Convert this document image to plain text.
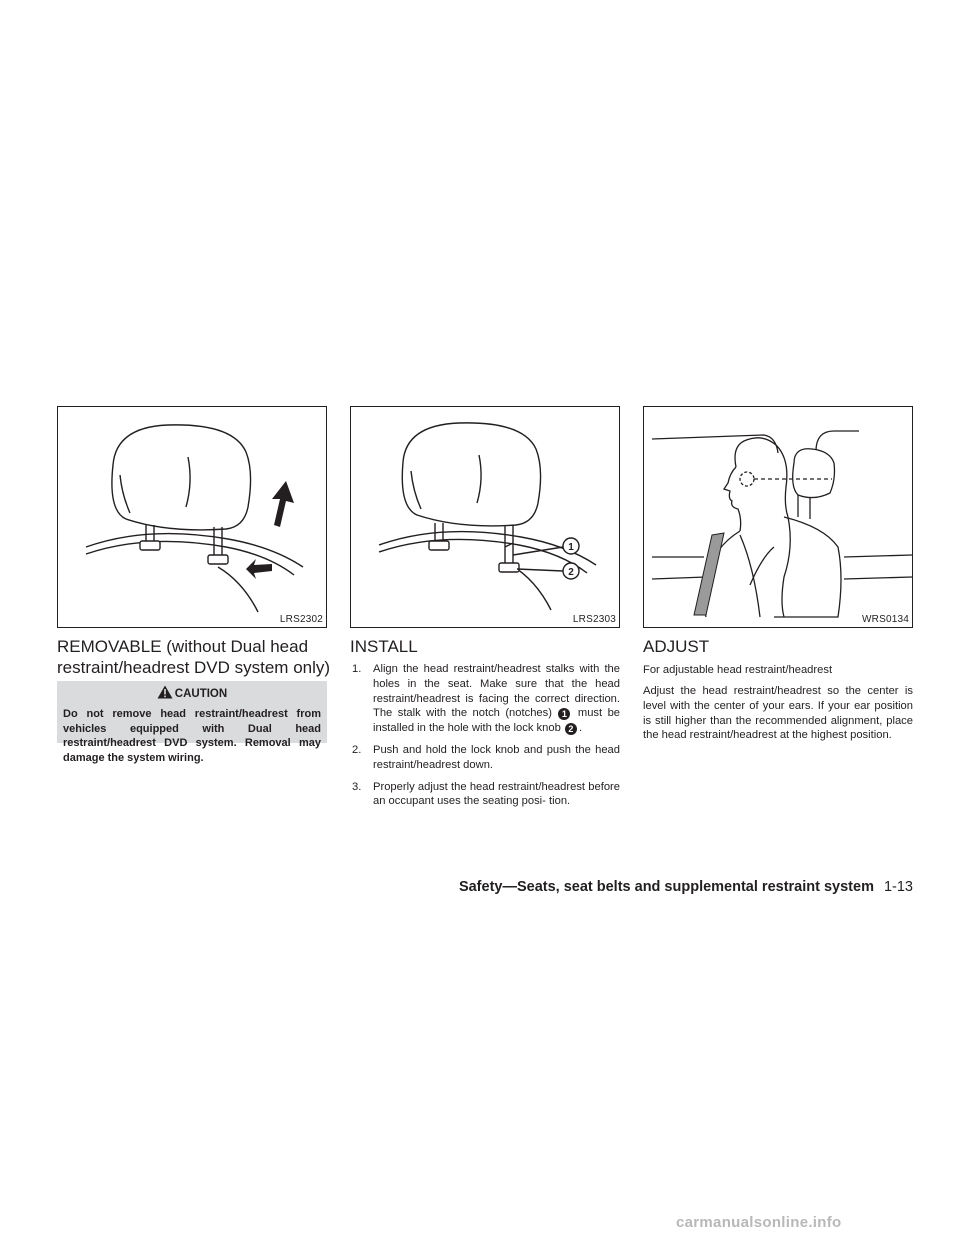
LRS2302
1
2
LRS2303	WRS0134
REMOVABLE (without Dual head restraint/headrest DVD system only)
CAUTION
Do not remove head restraint/headrest from vehicles equipped with Dual head restraint/headrest DVD system. Removal may damage the system wiring.
INSTALL
1. Align the head restraint/headrest stalks with the holes in the seat. Make sure that the head restraint/headrest is facing the correct direction. The stalk with the notch (notches) 1 must be installed in the hole with the lock knob 2 .
2. Push and hold the lock knob and push the head restraint/headrest down.
3. Properly adjust the head restraint/headrest before an occupant uses the seating posi- tion.
ADJUST

For adjustable head restraint/headrest

Adjust the head restraint/headrest so the center is level with the center of your ears. If your ear position is still higher than the recommended alignment, place the head restraint/headrest at the highest position.

Safety—Seats, seat belts and supplemental restraint system 1-13
carmanualsonline.info
